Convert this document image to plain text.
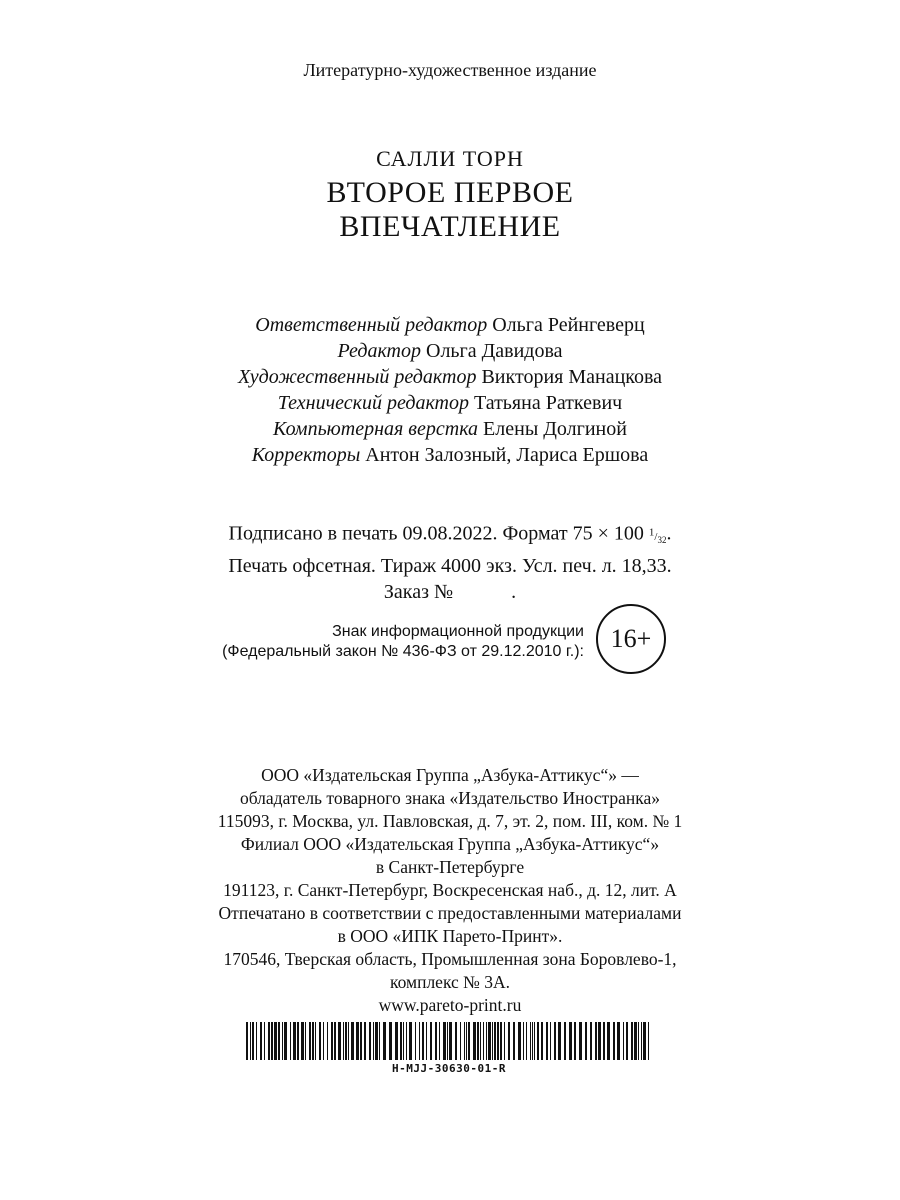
Литературно-художественное издание
САЛЛИ ТОРН
ВТОРОЕ ПЕРВОЕ
ВПЕЧАТЛЕНИЕ
Ответственный редактор Ольга Рейнгеверц
Редактор Ольга Давидова
Художественный редактор Виктория Манацкова
Технический редактор Татьяна Раткевич
Компьютерная верстка Елены Долгиной
Корректоры Антон Залозный, Лариса Ершова
Подписано в печать 09.08.2022. Формат 75 × 100 $1/_{32}$.
Печать офсетная. Тираж 4000 экз. Усл. печ. л. 18,33.
Заказ №	.
Знак информационной продукции
(Федеральный закон № 436-ФЗ от 29.12.2010 г.):	16+
ООО «Издательская Группа „Азбука-Аттикус“» —
обладатель товарного знака «Издательство Иностранка»
115093, г. Москва, ул. Павловская, д. 7, эт. 2, пом. III, ком. № 1
Филиал ООО «Издательская Группа „Азбука-Аттикус“»
в Санкт-Петербурге
191123, г. Санкт-Петербург, Воскресенская наб., д. 12, лит. А
Отпечатано в соответствии с предоставленными материалами
в ООО «ИПК Парето-Принт».
170546, Тверская область, Промышленная зона Боровлево-1,
комплекс № 3А.
www.pareto-print.ru
H-MJJ-30630-01-R
